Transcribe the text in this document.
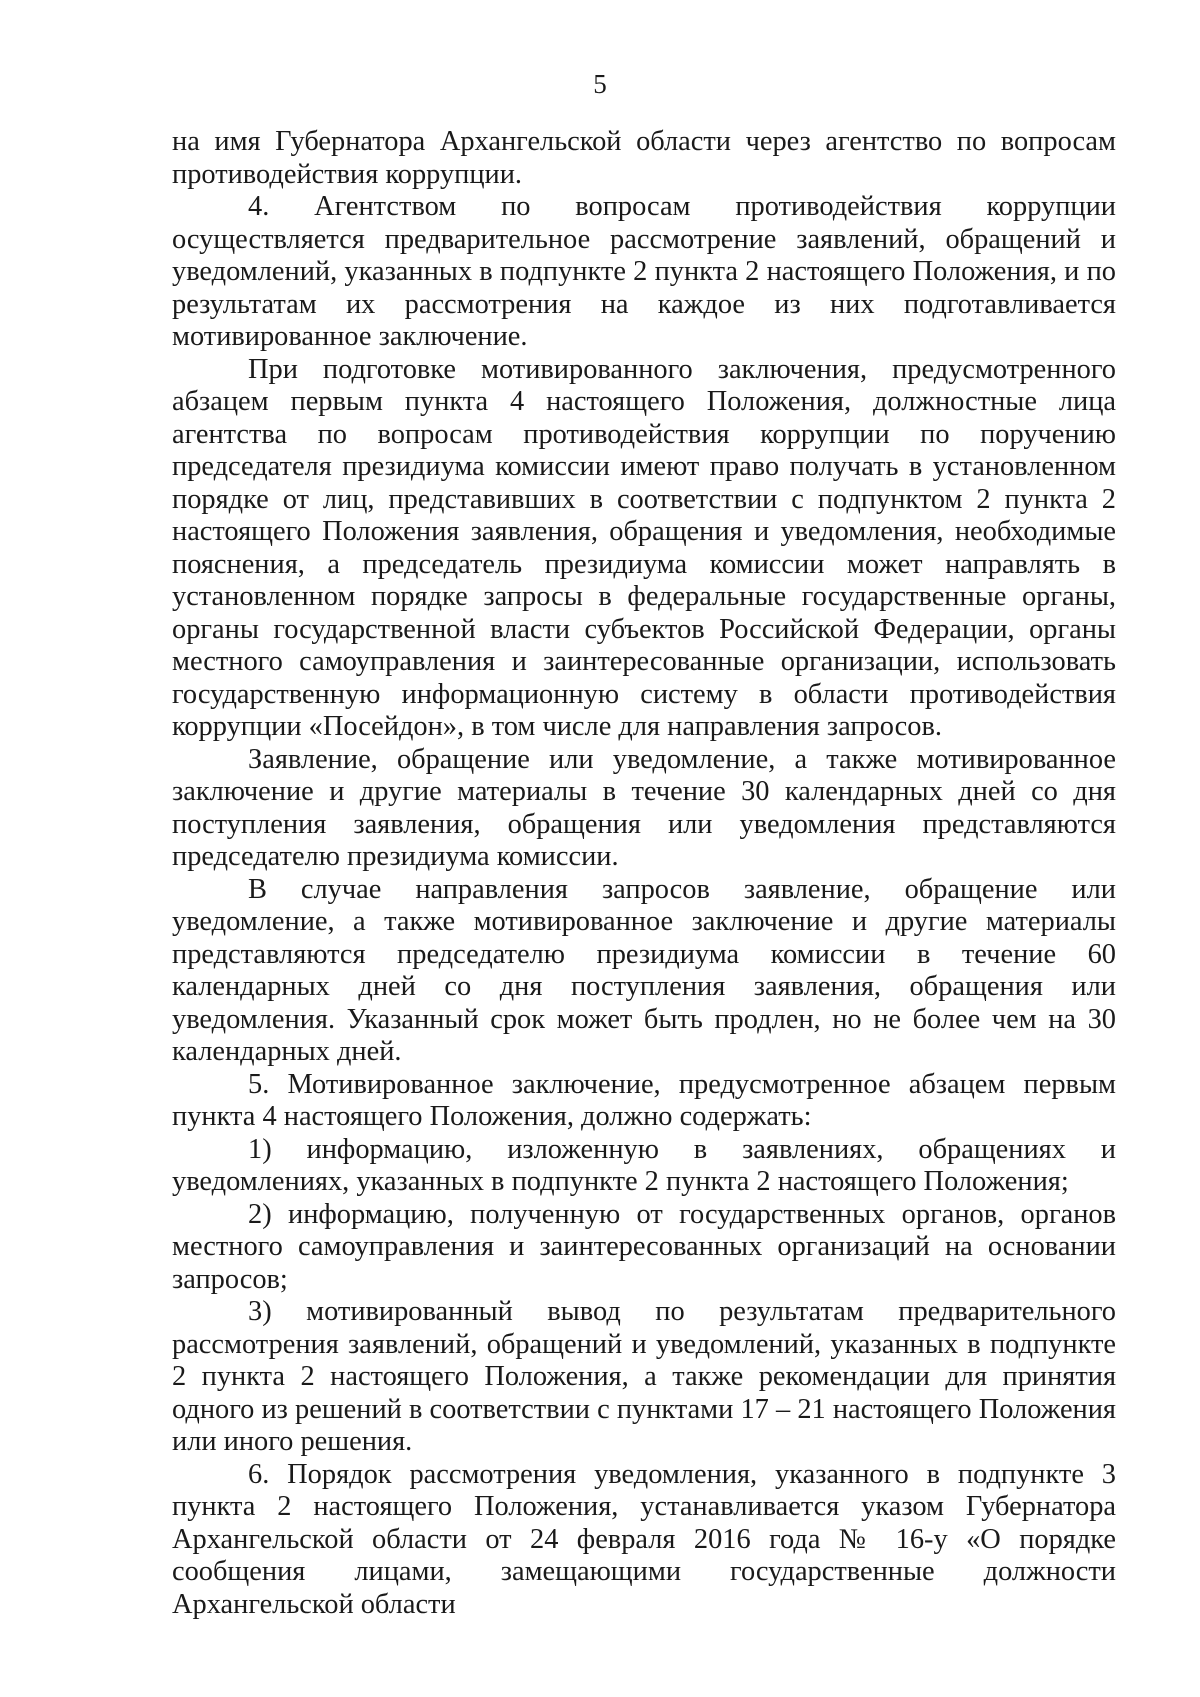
5

на имя Губернатора Архангельской области через агентство по вопросам противодействия коррупции.

4. Агентством по вопросам противодействия коррупции осуществляется предварительное рассмотрение заявлений, обращений и уведомлений, указанных в подпункте 2 пункта 2 настоящего Положения, и по результатам их рассмотрения на каждое из них подготавливается мотивированное заключение.

При подготовке мотивированного заключения, предусмотренного абзацем первым пункта 4 настоящего Положения, должностные лица агентства по вопросам противодействия коррупции по поручению председателя президиума комиссии имеют право получать в установленном порядке от лиц, представивших в соответствии с подпунктом 2 пункта 2 настоящего Положения заявления, обращения и уведомления, необходимые пояснения, а председатель президиума комиссии может направлять в установленном порядке запросы в федеральные государственные органы, органы государственной власти субъектов Российской Федерации, органы местного самоуправления и заинтересованные организации, использовать государственную информационную систему в области противодействия коррупции «Посейдон», в том числе для направления запросов.

Заявление, обращение или уведомление, а также мотивированное заключение и другие материалы в течение 30 календарных дней со дня поступления заявления, обращения или уведомления представляются председателю президиума комиссии.

В случае направления запросов заявление, обращение или уведомление, а также мотивированное заключение и другие материалы представляются председателю президиума комиссии в течение 60 календарных дней со дня поступления заявления, обращения или уведомления. Указанный срок может быть продлен, но не более чем на 30 календарных дней.

5. Мотивированное заключение, предусмотренное абзацем первым пункта 4 настоящего Положения, должно содержать:

1) информацию, изложенную в заявлениях, обращениях и уведомлениях, указанных в подпункте 2 пункта 2 настоящего Положения;

2) информацию, полученную от государственных органов, органов местного самоуправления и заинтересованных организаций на основании запросов;

3) мотивированный вывод по результатам предварительного рассмотрения заявлений, обращений и уведомлений, указанных в подпункте 2 пункта 2 настоящего Положения, а также рекомендации для принятия одного из решений в соответствии с пунктами 17 – 21 настоящего Положения или иного решения.

6. Порядок рассмотрения уведомления, указанного в подпункте 3 пункта 2 настоящего Положения, устанавливается указом Губернатора Архангельской области от 24 февраля 2016 года № 16-у «О порядке сообщения лицами, замещающими государственные должности Архангельской области
